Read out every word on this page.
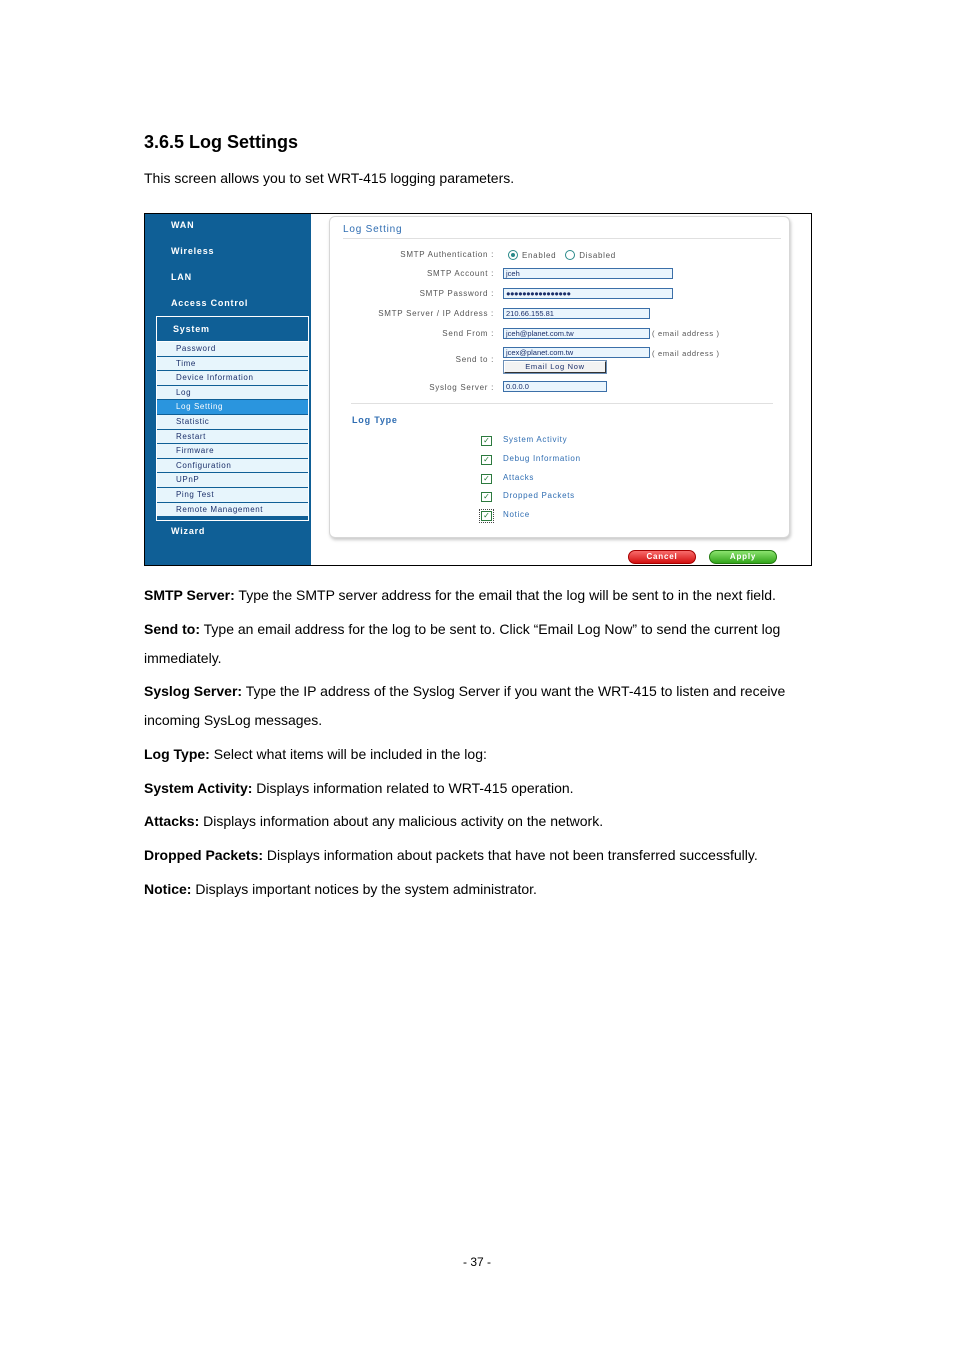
3.6.5 Log Settings

This screen allows you to set WRT-415 logging parameters.

WAN
Wireless
LAN
Access Control
System
Password
Time
Device Information
Log
Log Setting
Statistic
Restart
Firmware
Configuration
UPnP
Ping Test
Remote Management
Wizard
Log Setting
SMTP Authentication :	Enabled	Disabled
SMTP Account :	jceh
SMTP Password :	●●●●●●●●●●●●●●●●
SMTP Server / IP Address :	210.66.155.81
Send From :	jceh@planet.com.tw	( email address )
Send to :
jcex@planet.com.tw	( email address )
Email Log Now
Syslog Server :	0.0.0.0
Log Type
✓ System Activity
✓ Debug Information
✓ Attacks
✓ Dropped Packets
✓ Notice
Cancel	Apply

SMTP Server: Type the SMTP server address for the email that the log will be sent to in the next field.

Send to: Type an email address for the log to be sent to. Click “Email Log Now” to send the current log immediately.

Syslog Server: Type the IP address of the Syslog Server if you want the WRT-415 to listen and receive incoming SysLog messages.

Log Type: Select what items will be included in the log:

System Activity: Displays information related to WRT-415 operation.

Attacks: Displays information about any malicious activity on the network.

Dropped Packets: Displays information about packets that have not been transferred successfully.

Notice: Displays important notices by the system administrator.

- 37 -
